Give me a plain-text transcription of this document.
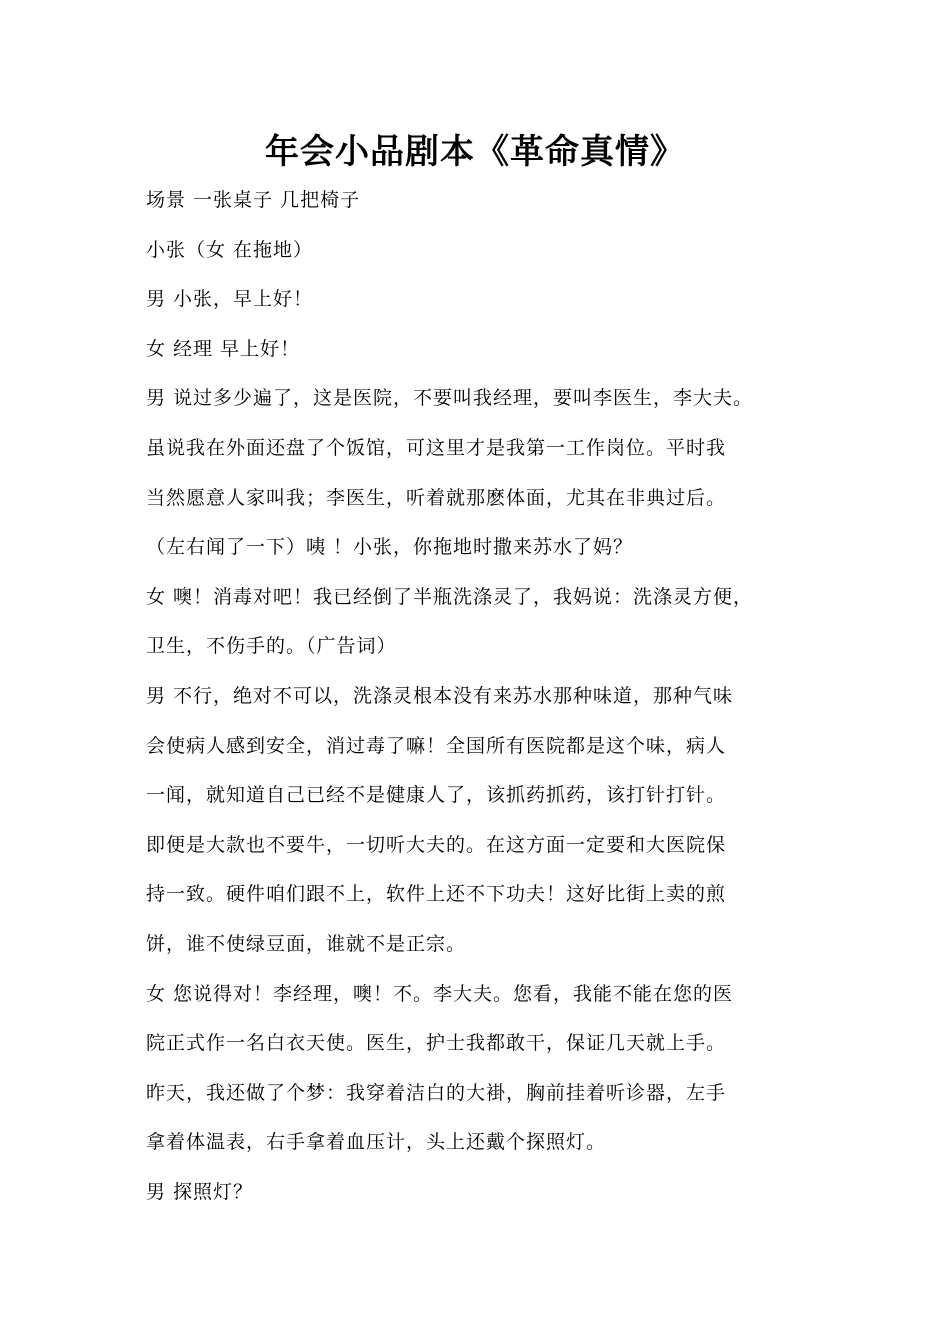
年会小品剧本《革命真情》
场景 一张桌子 几把椅子
小张（女 在拖地）
男 小张，早上好！
女 经理 早上好！
男 说过多少遍了，这是医院，不要叫我经理，要叫李医生，李大夫。
虽说我在外面还盘了个饭馆，可这里才是我第一工作岗位。平时我
当然愿意人家叫我；李医生，听着就那麽体面，尤其在非典过后。
（左右闻了一下）咦 ！小张，你拖地时撒来苏水了妈？
女 噢！消毒对吧！我已经倒了半瓶洗涤灵了，我妈说：洗涤灵方便，
卫生，不伤手的。（广告词）
男 不行，绝对不可以，洗涤灵根本没有来苏水那种味道，那种气味
会使病人感到安全，消过毒了嘛！全国所有医院都是这个味，病人
一闻，就知道自己已经不是健康人了，该抓药抓药，该打针打针。
即便是大款也不要牛，一切听大夫的。在这方面一定要和大医院保
持一致。硬件咱们跟不上，软件上还不下功夫！这好比街上卖的煎
饼，谁不使绿豆面，谁就不是正宗。
女 您说得对！李经理，噢！不。李大夫。您看，我能不能在您的医
院正式作一名白衣天使。医生，护士我都敢干，保证几天就上手。
昨天，我还做了个梦：我穿着洁白的大褂，胸前挂着听诊器，左手
拿着体温表，右手拿着血压计，头上还戴个探照灯。
男 探照灯？
